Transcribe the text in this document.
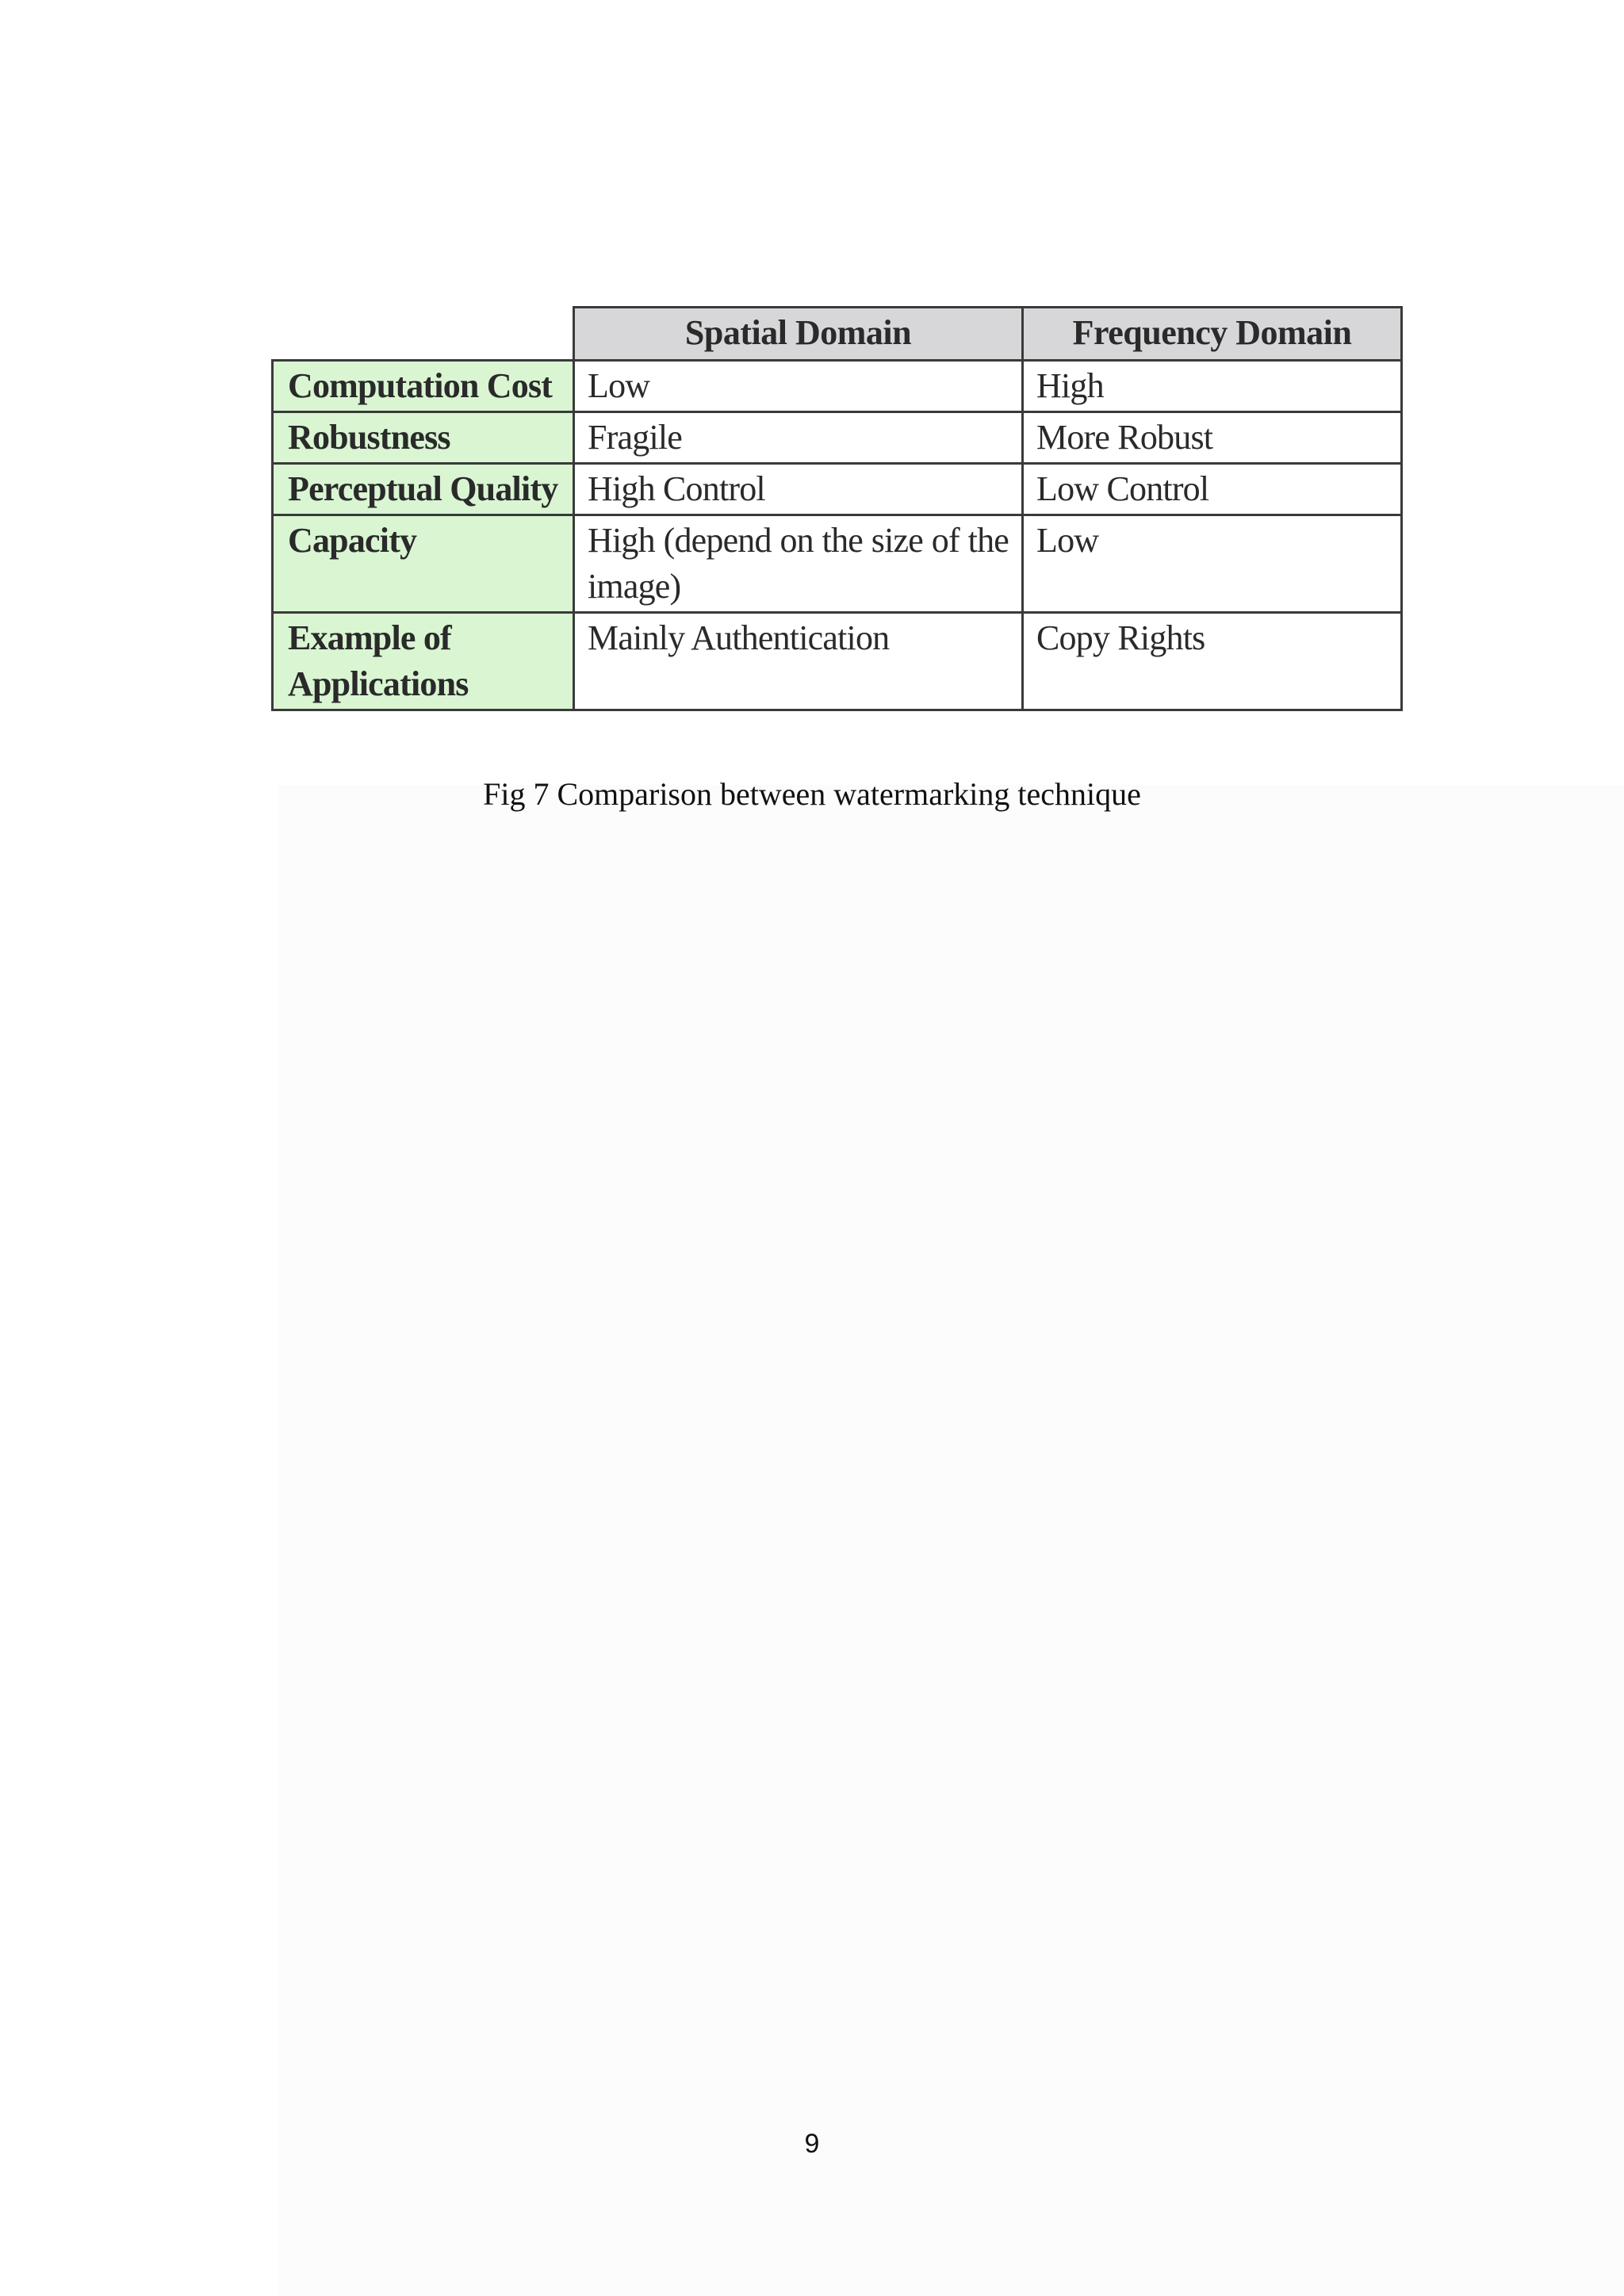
	Spatial Domain	Frequency Domain
Computation Cost	Low	High
Robustness	Fragile	More Robust
Perceptual Quality	High Control	Low Control
Capacity	High (depend on the size of the image)	Low
Example of Applications	Mainly Authentication	Copy Rights
Fig 7 Comparison between watermarking technique
9
